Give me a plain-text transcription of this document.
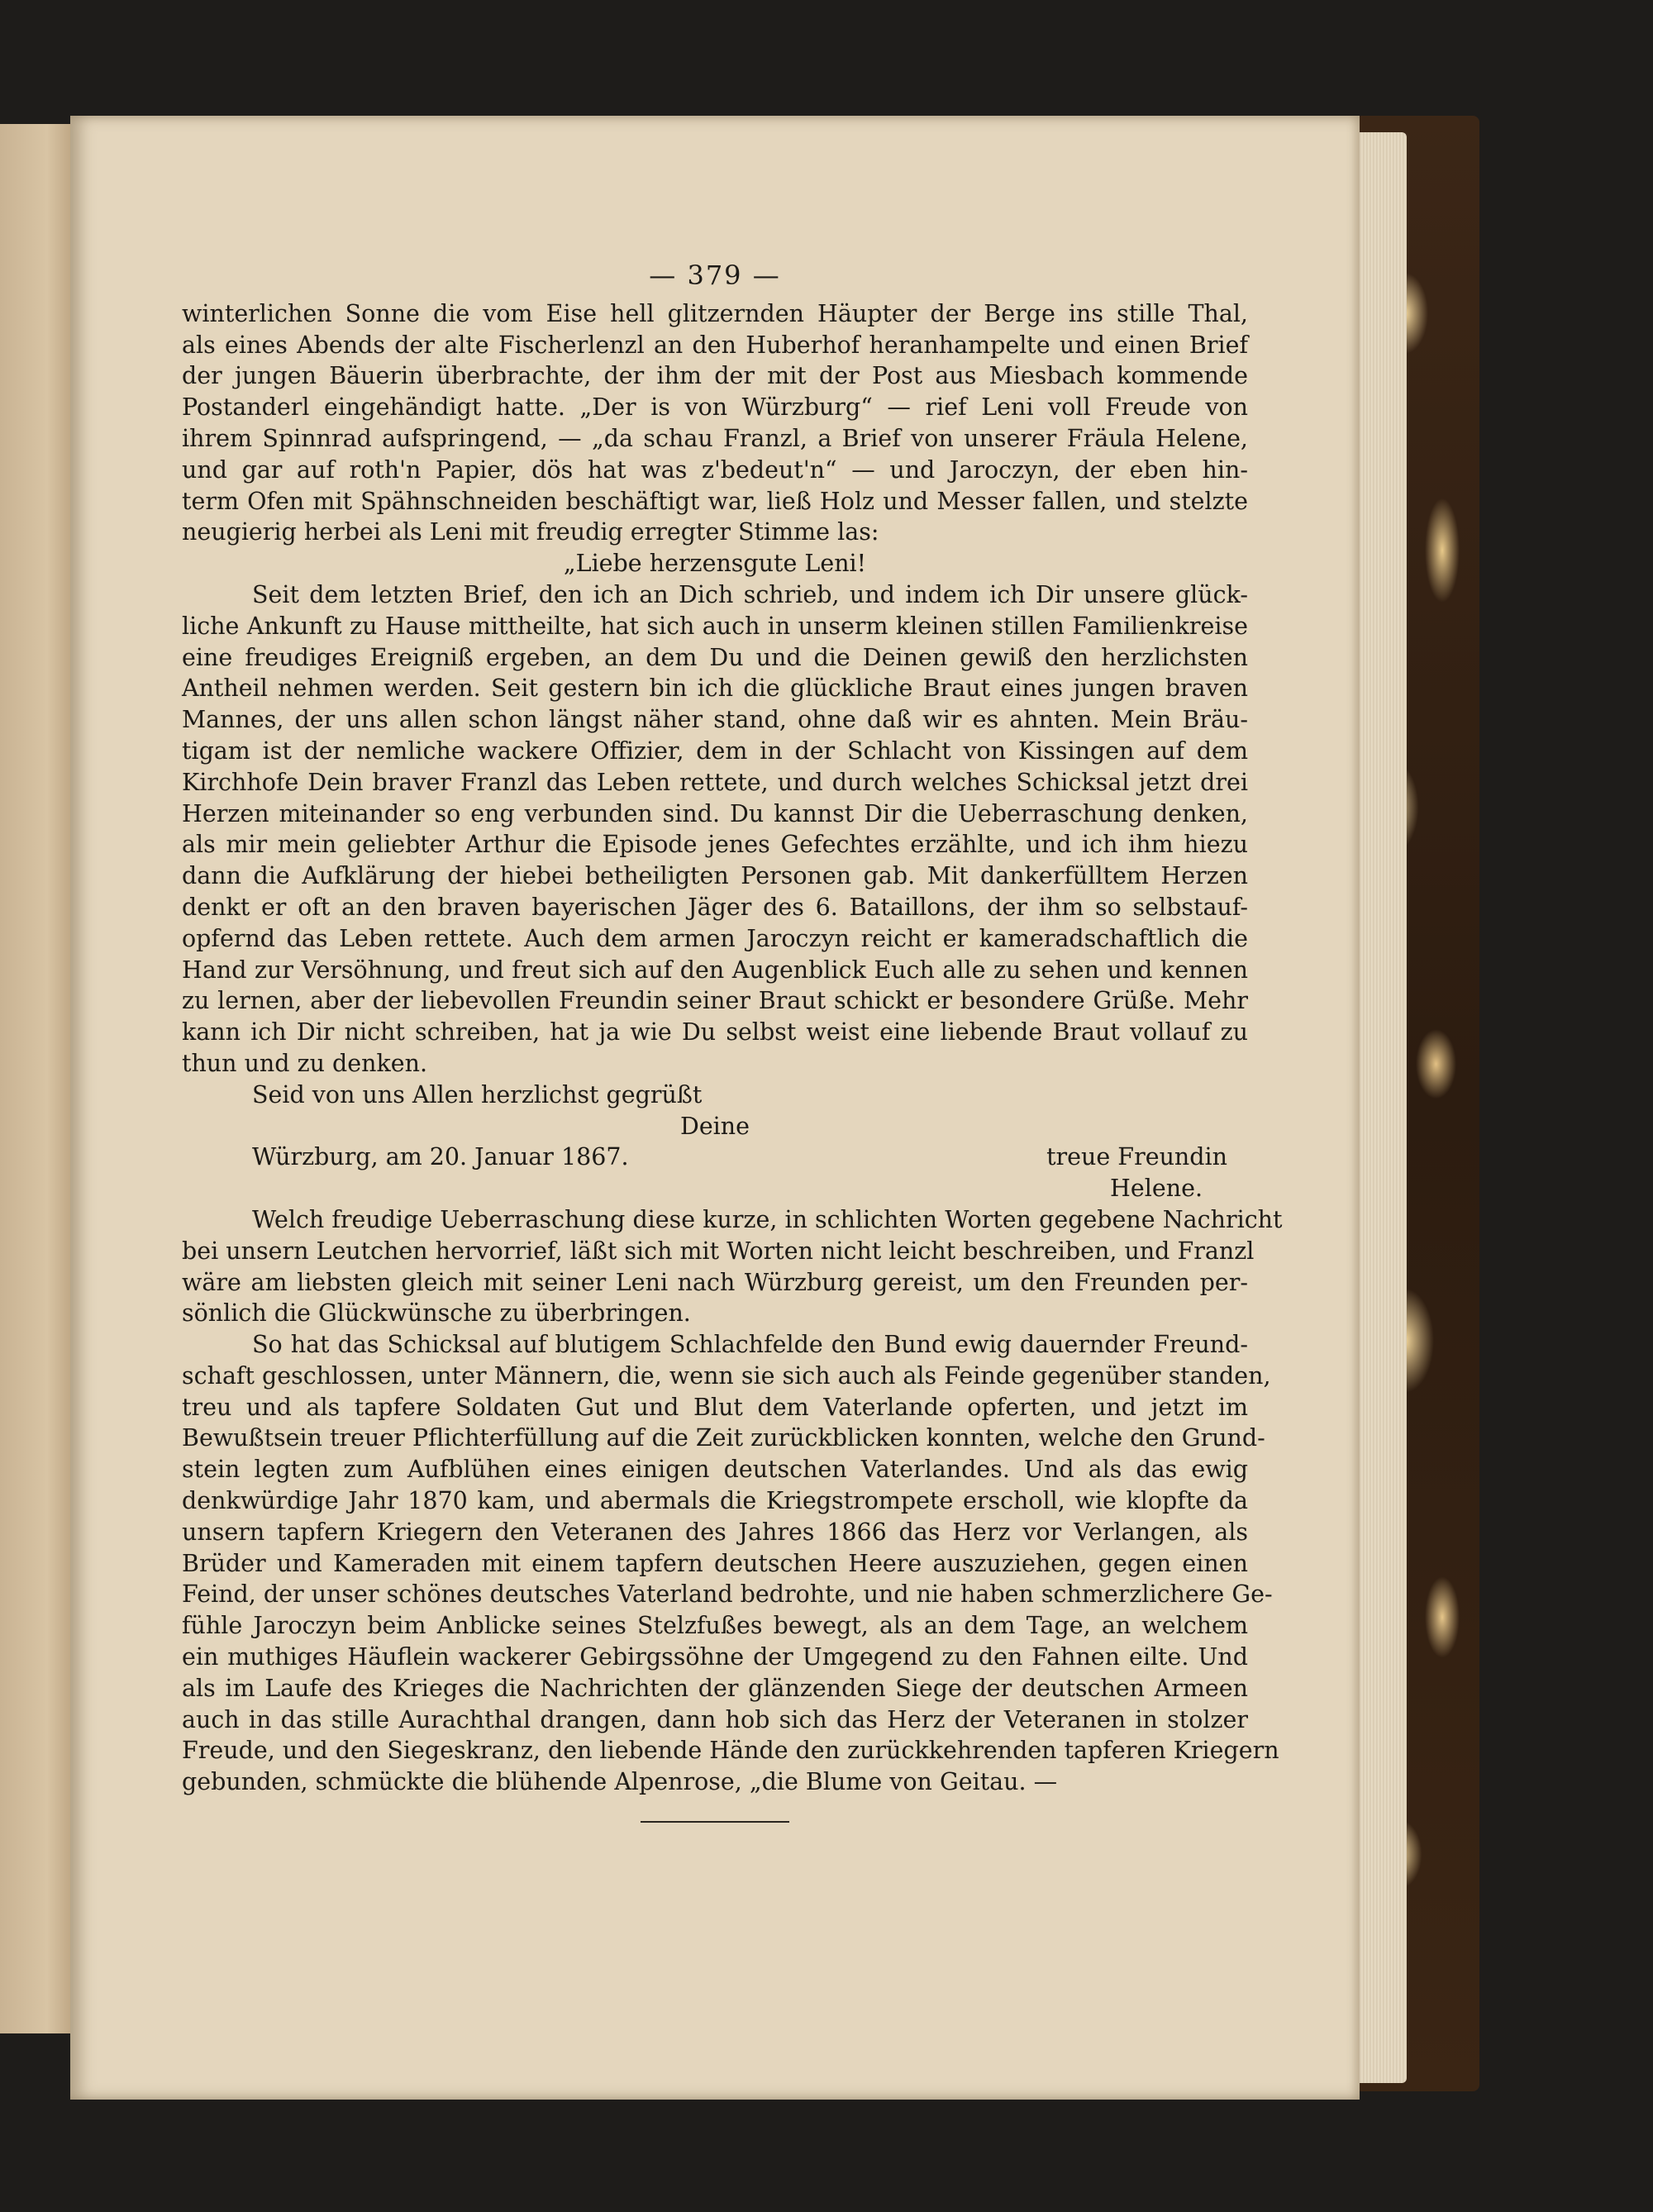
— 379 —
winterlichen Sonne die vom Eise hell glitzernden Häupter der Berge ins stille Thal,
als eines Abends der alte Fischerlenzl an den Huberhof heranhampelte und einen Brief
der jungen Bäuerin überbrachte, der ihm der mit der Post aus Miesbach kommende
Postanderl eingehändigt hatte. „Der is von Würzburg“ — rief Leni voll Freude von
ihrem Spinnrad aufspringend, — „da schau Franzl, a Brief von unserer Fräula Helene,
und gar auf roth'n Papier, dös hat was z'bedeut'n“ — und Jaroczyn, der eben hin-
term Ofen mit Spähnschneiden beschäftigt war, ließ Holz und Messer fallen, und stelzte
neugierig herbei als Leni mit freudig erregter Stimme las:
„Liebe herzensgute Leni!
Seit dem letzten Brief, den ich an Dich schrieb, und indem ich Dir unsere glück-
liche Ankunft zu Hause mittheilte, hat sich auch in unserm kleinen stillen Familienkreise
eine freudiges Ereigniß ergeben, an dem Du und die Deinen gewiß den herzlichsten
Antheil nehmen werden. Seit gestern bin ich die glückliche Braut eines jungen braven
Mannes, der uns allen schon längst näher stand, ohne daß wir es ahnten. Mein Bräu-
tigam ist der nemliche wackere Offizier, dem in der Schlacht von Kissingen auf dem
Kirchhofe Dein braver Franzl das Leben rettete, und durch welches Schicksal jetzt drei
Herzen miteinander so eng verbunden sind. Du kannst Dir die Ueberraschung denken,
als mir mein geliebter Arthur die Episode jenes Gefechtes erzählte, und ich ihm hiezu
dann die Aufklärung der hiebei betheiligten Personen gab. Mit dankerfülltem Herzen
denkt er oft an den braven bayerischen Jäger des 6. Bataillons, der ihm so selbstauf-
opfernd das Leben rettete. Auch dem armen Jaroczyn reicht er kameradschaftlich die
Hand zur Versöhnung, und freut sich auf den Augenblick Euch alle zu sehen und kennen
zu lernen, aber der liebevollen Freundin seiner Braut schickt er besondere Grüße. Mehr
kann ich Dir nicht schreiben, hat ja wie Du selbst weist eine liebende Braut vollauf zu
thun und zu denken.
Seid von uns Allen herzlichst gegrüßt
Deine
Würzburg, am 20. Januar 1867.	treue Freundin
Helene.
Welch freudige Ueberraschung diese kurze, in schlichten Worten gegebene Nachricht
bei unsern Leutchen hervorrief, läßt sich mit Worten nicht leicht beschreiben, und Franzl
wäre am liebsten gleich mit seiner Leni nach Würzburg gereist, um den Freunden per-
sönlich die Glückwünsche zu überbringen.
So hat das Schicksal auf blutigem Schlachfelde den Bund ewig dauernder Freund-
schaft geschlossen, unter Männern, die, wenn sie sich auch als Feinde gegenüber standen,
treu und als tapfere Soldaten Gut und Blut dem Vaterlande opferten, und jetzt im
Bewußtsein treuer Pflichterfüllung auf die Zeit zurückblicken konnten, welche den Grund-
stein legten zum Aufblühen eines einigen deutschen Vaterlandes. Und als das ewig
denkwürdige Jahr 1870 kam, und abermals die Kriegstrompete erscholl, wie klopfte da
unsern tapfern Kriegern den Veteranen des Jahres 1866 das Herz vor Verlangen, als
Brüder und Kameraden mit einem tapfern deutschen Heere auszuziehen, gegen einen
Feind, der unser schönes deutsches Vaterland bedrohte, und nie haben schmerzlichere Ge-
fühle Jaroczyn beim Anblicke seines Stelzfußes bewegt, als an dem Tage, an welchem
ein muthiges Häuflein wackerer Gebirgssöhne der Umgegend zu den Fahnen eilte. Und
als im Laufe des Krieges die Nachrichten der glänzenden Siege der deutschen Armeen
auch in das stille Aurachthal drangen, dann hob sich das Herz der Veteranen in stolzer
Freude, und den Siegeskranz, den liebende Hände den zurückkehrenden tapferen Kriegern
gebunden, schmückte die blühende Alpenrose, „die Blume von Geitau. —
